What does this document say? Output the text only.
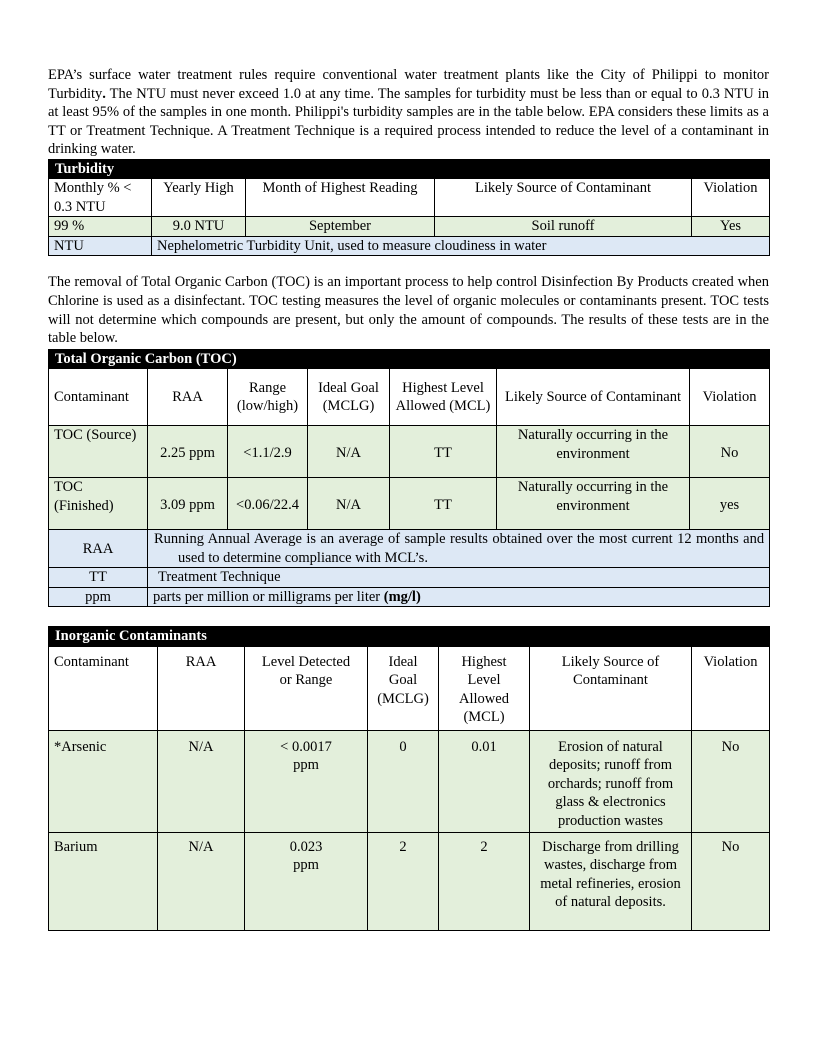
EPA’s surface water treatment rules require conventional water treatment plants like the City of Philippi to monitor Turbidity. The NTU must never exceed 1.0 at any time. The samples for turbidity must be less than or equal to 0.3 NTU in at least 95% of the samples in one month. Philippi's turbidity samples are in the table below. EPA considers these limits as a TT or Treatment Technique. A Treatment Technique is a required process intended to reduce the level of a contaminant in drinking water.

Turbidity				
Monthly % < 0.3 NTU	Yearly High	Month of Highest Reading	Likely Source of Contaminant	Violation
99 %	9.0 NTU	September	Soil runoff	Yes
NTU	Nephelometric Turbidity Unit, used to measure cloudiness in water			

The removal of Total Organic Carbon (TOC) is an important process to help control Disinfection By Products created when Chlorine is used as a disinfectant. TOC testing measures the level of organic molecules or contaminants present. TOC tests will not determine which compounds are present, but only the amount of compounds. The results of these tests are in the table below.

Total Organic Carbon (TOC)						
Contaminant	RAA	Range (low/high)	Ideal Goal (MCLG)	Highest Level Allowed (MCL)	Likely Source of Contaminant	Violation
TOC (Source)	2.25 ppm	<1.1/2.9	N/A	TT	Naturally occurring in the environment	No
TOC (Finished)	3.09 ppm	<0.06/22.4	N/A	TT	Naturally occurring in the environment	yes
RAA	Running Annual Average is an average of sample results obtained over the most current 12 months and used to determine compliance with MCL’s.					
TT	Treatment Technique					
ppm	parts per million or milligrams per liter (mg/l)					
Inorganic Contaminants						
Contaminant	RAA	Level Detected or Range	Ideal Goal (MCLG)	Highest Level Allowed (MCL)	Likely Source of Contaminant	Violation
*Arsenic	N/A	< 0.0017 ppm	0	0.01	Erosion of natural deposits; runoff from orchards; runoff from glass & electronics production wastes	No
Barium	N/A	0.023 ppm	2	2	Discharge from drilling wastes, discharge from metal refineries, erosion of natural deposits.	No
